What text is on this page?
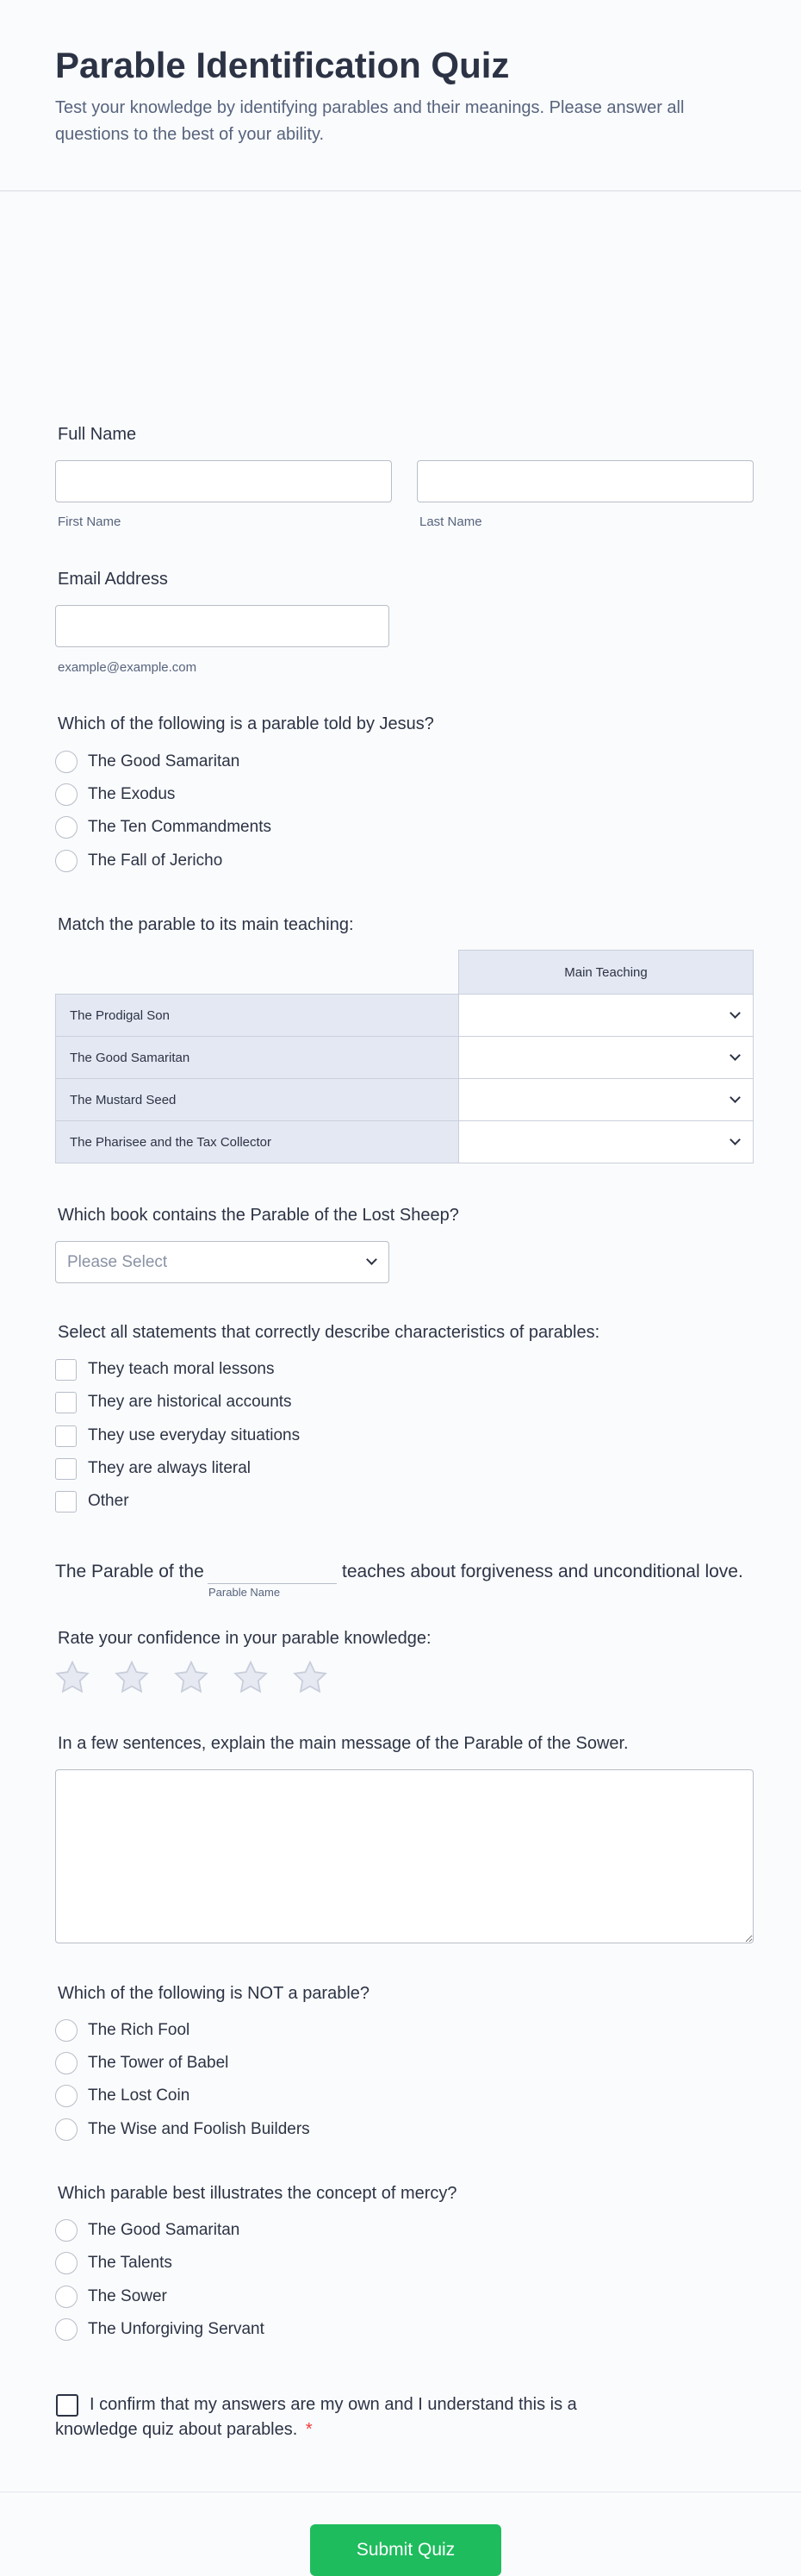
Parable Identification Quiz
Test your knowledge by identifying parables and their meanings. Please answer all questions to the best of your ability.
Full Name
First Name	Last Name
Email Address
example@example.com
Which of the following is a parable told by Jesus?
The Good Samaritan
The Exodus
The Ten Commandments
The Fall of Jericho
Match the parable to its main teaching:
Main Teaching
The Prodigal Son
The Good Samaritan
The Mustard Seed
The Pharisee and the Tax Collector
Which book contains the Parable of the Lost Sheep?
Please Select
Select all statements that correctly describe characteristics of parables:
They teach moral lessons
They are historical accounts
They use everyday situations
They are always literal
Other
The Parable of the
Parable Name
teaches about forgiveness and unconditional love.
Rate your confidence in your parable knowledge:
In a few sentences, explain the main message of the Parable of the Sower.
Which of the following is NOT a parable?
The Rich Fool
The Tower of Babel
The Lost Coin
The Wise and Foolish Builders
Which parable best illustrates the concept of mercy?
The Good Samaritan
The Talents
The Sower
The Unforgiving Servant
I confirm that my answers are my own and I understand this is a
knowledge quiz about parables. *
Submit Quiz
